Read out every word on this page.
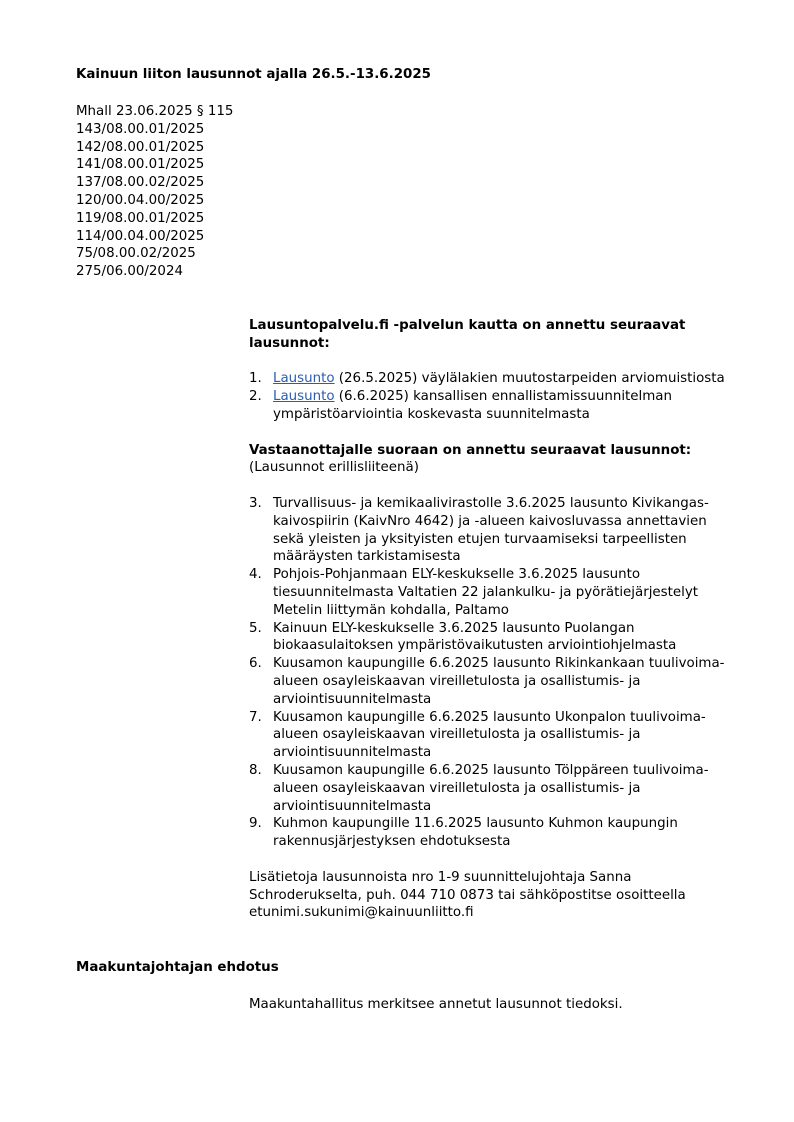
Kainuun liiton lausunnot ajalla 26.5.-13.6.2025
Mhall 23.06.2025 § 115
143/08.00.01/2025
142/08.00.01/2025
141/08.00.01/2025
137/08.00.02/2025
120/00.04.00/2025
119/08.00.01/2025
114/00.04.00/2025
75/08.00.02/2025
275/06.00/2024

Lausuntopalvelu.fi -palvelun kautta on annettu seuraavat lausunnot:

1. Lausunto (26.5.2025) väylälakien muutostarpeiden arviomuistiosta
2. Lausunto (6.6.2025) kansallisen ennallistamissuunnitelman ympäristöarviointia koskevasta suunnitelmasta

Vastaanottajalle suoraan on annettu seuraavat lausunnot:

(Lausunnot erillisliiteenä)

3. Turvallisuus- ja kemikaalivirastolle 3.6.2025 lausunto Kivikangas-kaivospiirin (KaivNro 4642) ja -alueen kaivosluvassa annettavien sekä yleisten ja yksityisten etujen turvaamiseksi tarpeellisten määräysten tarkistamisesta
4. Pohjois-Pohjanmaan ELY-keskukselle 3.6.2025 lausunto tiesuunnitelmasta Valtatien 22 jalankulku- ja pyörätiejärjestelyt Metelin liittymän kohdalla, Paltamo
5. Kainuun ELY-keskukselle 3.6.2025 lausunto Puolangan biokaasulaitoksen ympäristövaikutusten arviointiohjelmasta
6. Kuusamon kaupungille 6.6.2025 lausunto Rikinkankaan tuulivoima-alueen osayleiskaavan vireilletulosta ja osallistumis- ja arviointisuunnitelmasta
7. Kuusamon kaupungille 6.6.2025 lausunto Ukonpalon tuulivoima-alueen osayleiskaavan vireilletulosta ja osallistumis- ja arviointisuunnitelmasta
8. Kuusamon kaupungille 6.6.2025 lausunto Tölppäreen tuulivoima-alueen osayleiskaavan vireilletulosta ja osallistumis- ja arviointisuunnitelmasta
9. Kuhmon kaupungille 11.6.2025 lausunto Kuhmon kaupungin rakennusjärjestyksen ehdotuksesta

Lisätietoja lausunnoista nro 1-9 suunnittelujohtaja Sanna Schroderukselta, puh. 044 710 0873 tai sähköpostitse osoitteella etunimi.sukunimi@kainuunliitto.fi

Maakuntajohtajan ehdotus

Maakuntahallitus merkitsee annetut lausunnot tiedoksi.
